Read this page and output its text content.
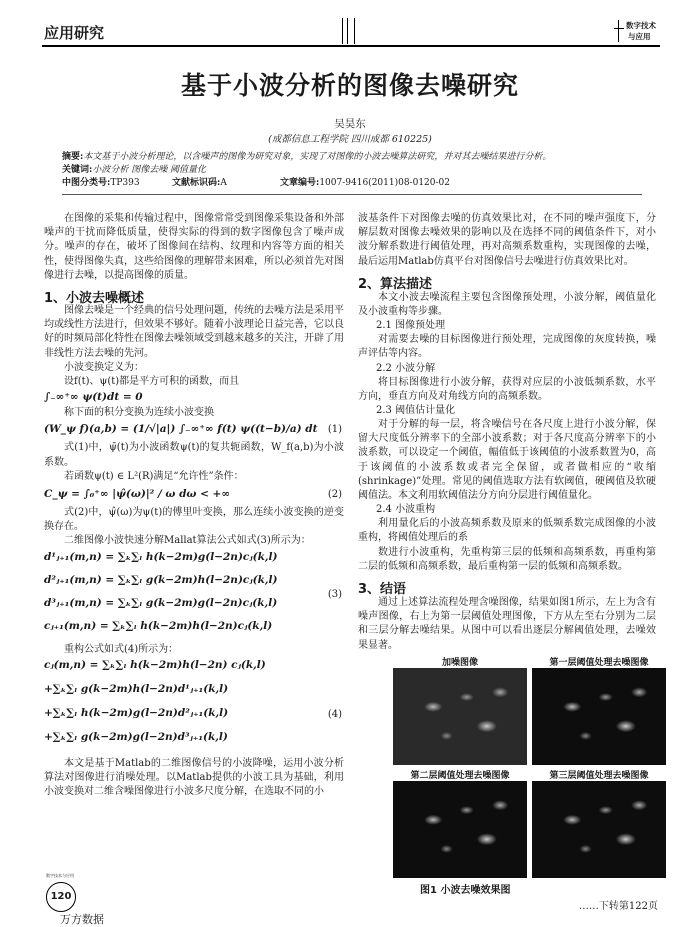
应用研究	数字技术
与应用
基于小波分析的图像去噪研究
吴昊东
(成都信息工程学院 四川成都 610225)
摘要:本文基于小波分析理论，以含噪声的图像为研究对象，实现了对图像的小波去噪算法研究，并对其去噪结果进行分析。
关键词:小波分析 图像去噪 阈值量化
中图分类号:TP393	文献标识码:A	文章编号:1007-9416(2011)08-0120-02

在图像的采集和传输过程中，图像常常受到图像采集设备和外部噪声的干扰而降低质量，使得实际的得到的数字图像包含了噪声成分。噪声的存在，破坏了图像间在结构、纹理和内容等方面的相关性，使得图像失真，这些给图像的理解带来困难，所以必须首先对图像进行去噪，以提高图像的质量。

1、小波去噪概述

图像去噪是一个经典的信号处理问题，传统的去噪方法是采用平均或线性方法进行，但效果不够好。随着小波理论日益完善，它以良好的时频局部化特性在图像去噪领域受到越来越多的关注，开辟了用非线性方法去噪的先河。

小波变换定义为：

设f(t)、ψ(t)都是平方可积的函数，而且

∫₋∞⁺∞ ψ(t)dt = 0

称下面的积分变换为连续小波变换

(W_ψ f)(a,b) = (1/√|a|) ∫₋∞⁺∞ f(t) ψ((t−b)/a) dt (1)

式(1)中，ψ̄(t)为小波函数ψ(t)的复共轭函数，W_f(a,b)为小波系数。

若函数ψ(t) ∈ L²(R)满足“允许性”条件：

C_ψ = ∫₀⁺∞ |ψ̂(ω)|² / ω dω < +∞	(2)

式(2)中，ψ̂(ω)为ψ(t)的傅里叶变换，那么连续小波变换的逆变换存在。

二维图像小波快速分解Mallat算法公式如式(3)所示为：

d¹ⱼ₊₁(m,n) = ∑ₖ∑ₗ h(k−2m)g(l−2n)cⱼ(k,l)
d²ⱼ₊₁(m,n) = ∑ₖ∑ₗ g(k−2m)h(l−2n)cⱼ(k,l)
d³ⱼ₊₁(m,n) = ∑ₖ∑ₗ g(k−2m)g(l−2n)cⱼ(k,l)
cⱼ₊₁(m,n) = ∑ₖ∑ₗ h(k−2m)h(l−2n)cⱼ(k,l)
(3)

重构公式如式(4)所示为：

cⱼ(m,n) = ∑ₖ∑ₗ h(k−2m)h(l−2n) cⱼ(k,l)
+∑ₖ∑ₗ g(k−2m)h(l−2n)d¹ⱼ₊₁(k,l)
+∑ₖ∑ₗ h(k−2m)g(l−2n)d²ⱼ₊₁(k,l)
+∑ₖ∑ₗ g(k−2m)g(l−2n)d³ⱼ₊₁(k,l)
(4)

本文是基于Matlab的二维图像信号的小波降噪，运用小波分析算法对图像进行消噪处理。以Matlab提供的小波工具为基础，利用小波变换对二维含噪图像进行小波多尺度分解，在选取不同的小

波基条件下对图像去噪的仿真效果比对，在不同的噪声强度下，分解层数对图像去噪效果的影响以及在选择不同的阈值条件下，对小波分解系数进行阈值处理，再对高频系数重构，实现图像的去噪，最后运用Matlab仿真平台对图像信号去噪进行仿真效果比对。

2、算法描述

本文小波去噪流程主要包含图像预处理，小波分解，阈值量化及小波重构等步骤。

2.1 图像预处理

对需要去噪的目标图像进行预处理，完成图像的灰度转换，噪声评估等内容。

2.2 小波分解

将目标图像进行小波分解，获得对应层的小波低频系数，水平方向，垂直方向及对角线方向的高频系数。

2.3 阈值估计量化

对于分解的每一层，将含噪信号在各尺度上进行小波分解，保留大尺度低分辨率下的全部小波系数；对于各尺度高分辨率下的小波系数，可以设定一个阈值，幅值低于该阈值的小波系数置为0，高于该阈值的小波系数或者完全保留，或者做相应的“收缩(shrinkage)”处理。常见的阈值选取方法有软阈值，硬阈值及软硬阈值法。本文利用软阈值法分方向分层进行阈值量化。

2.4 小波重构

利用量化后的小波高频系数及原来的低频系数完成图像的小波重构，将阈值处理后的系

数进行小波重构，先重构第三层的低频和高频系数，再重构第二层的低频和高频系数，最后重构第一层的低频和高频系数。

3、结语

通过上述算法流程处理含噪图像，结果如图1所示，左上为含有噪声图像，右上为第一层阈值处理图像，下方从左至右分别为二层和三层分解去噪结果。从图中可以看出逐层分解阈值处理，去噪效果显著。

加噪图像	第一层阈值处理去噪图像
第二层阈值处理去噪图像	第三层阈值处理去噪图像
图1 小波去噪效果图
……下转第122页
120
数字技术与应用
万方数据
